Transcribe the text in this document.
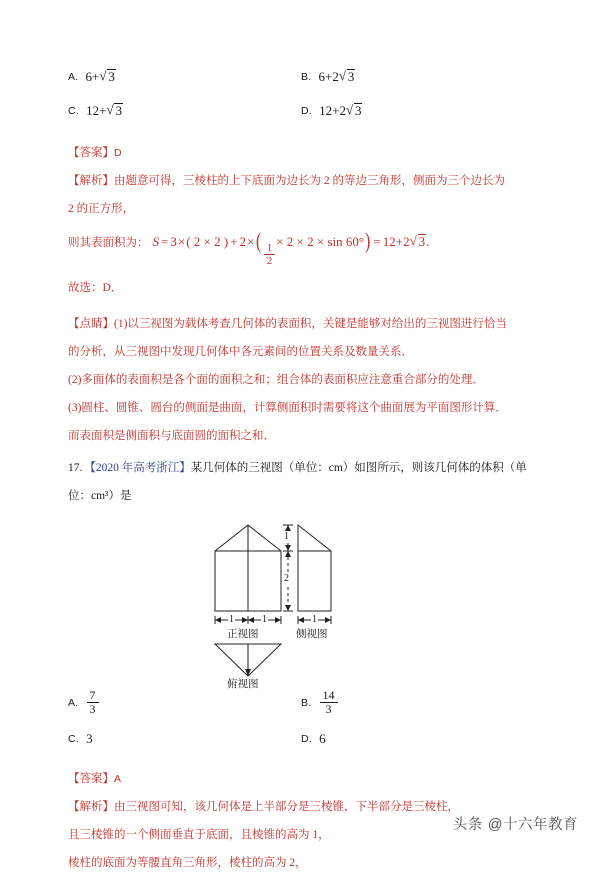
A. 6+ √ 3	B. 6+2 √ 3
C. 12+ √ 3	D. 12+2 √ 3
【答案】 D
【解析】 由题意可得，三棱柱的上下底面为边长为 2 的等边三角形，侧面为三个边长为
2 的正方形，
则其表面积为： S = 3×( 2 × 2 ) + 2×(
$\frac{1}{2}$
× 2 × 2 × sin 60°) = 12+2 √ 3.
故选：D．
【点睛】 (1)以三视图为载体考查几何体的表面积，关键是能够对给出的三视图进行恰当
的分析，从三视图中发现几何体中各元素间的位置关系及数量关系．
(2)多面体的表面积是各个面的面积之和；组合体的表面积应注意重合部分的处理．
(3)圆柱、圆锥、圆台的侧面是曲面，计算侧面积时需要将这个曲面展为平面图形计算．
而表面积是侧面积与底面圆的面积之和．
17. 【2020 年高考浙江】 某几何体的三视图（单位：cm）如图所示，则该几何体的体积（单
位：cm³）是
1	1	1
1
2
正视图	侧视图
俯视图
A. $\frac{7}{3}$	B. $\frac{14}{3}$
C. 3	D. 6
【答案】 A
【解析】 由三视图可知，该几何体是上半部分是三棱锥，下半部分是三棱柱，
且三棱锥的一个侧面垂直于底面，且棱锥的高为 1，
棱柱的底面为等腰直角三角形，棱柱的高为 2，
头条 @十六年教育
